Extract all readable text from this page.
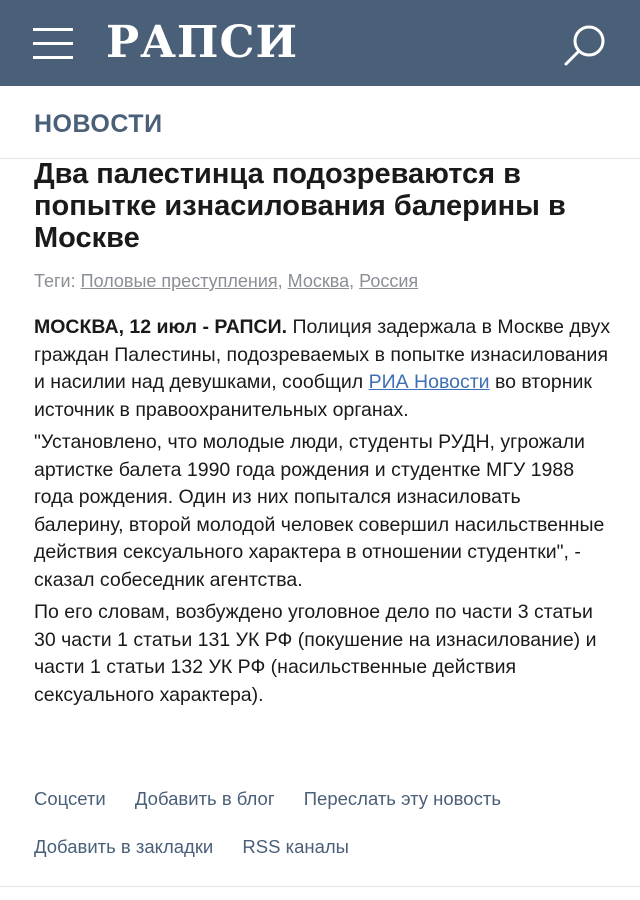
РАПСИ
НОВОСТИ
Два палестинца подозреваются в попытке изнасилования балерины в Москве
Теги: Половые преступления, Москва, Россия

МОСКВА, 12 июл - РАПСИ. Полиция задержала в Москве двух граждан Палестины, подозреваемых в попытке изнасилования и насилии над девушками, сообщил РИА Новости во вторник источник в правоохранительных органах.

"Установлено, что молодые люди, студенты РУДН, угрожали артистке балета 1990 года рождения и студентке МГУ 1988 года рождения. Один из них попытался изнасиловать балерину, второй молодой человек совершил насильственные действия сексуального характера в отношении студентки", - сказал собеседник агентства.

По его словам, возбуждено уголовное дело по части 3 статьи 30 части 1 статьи 131 УК РФ (покушение на изнасилование) и части 1 статьи 132 УК РФ (насильственные действия сексуального характера).

Соцсети Добавить в блог Переслать эту новость
Добавить в закладки RSS каналы
